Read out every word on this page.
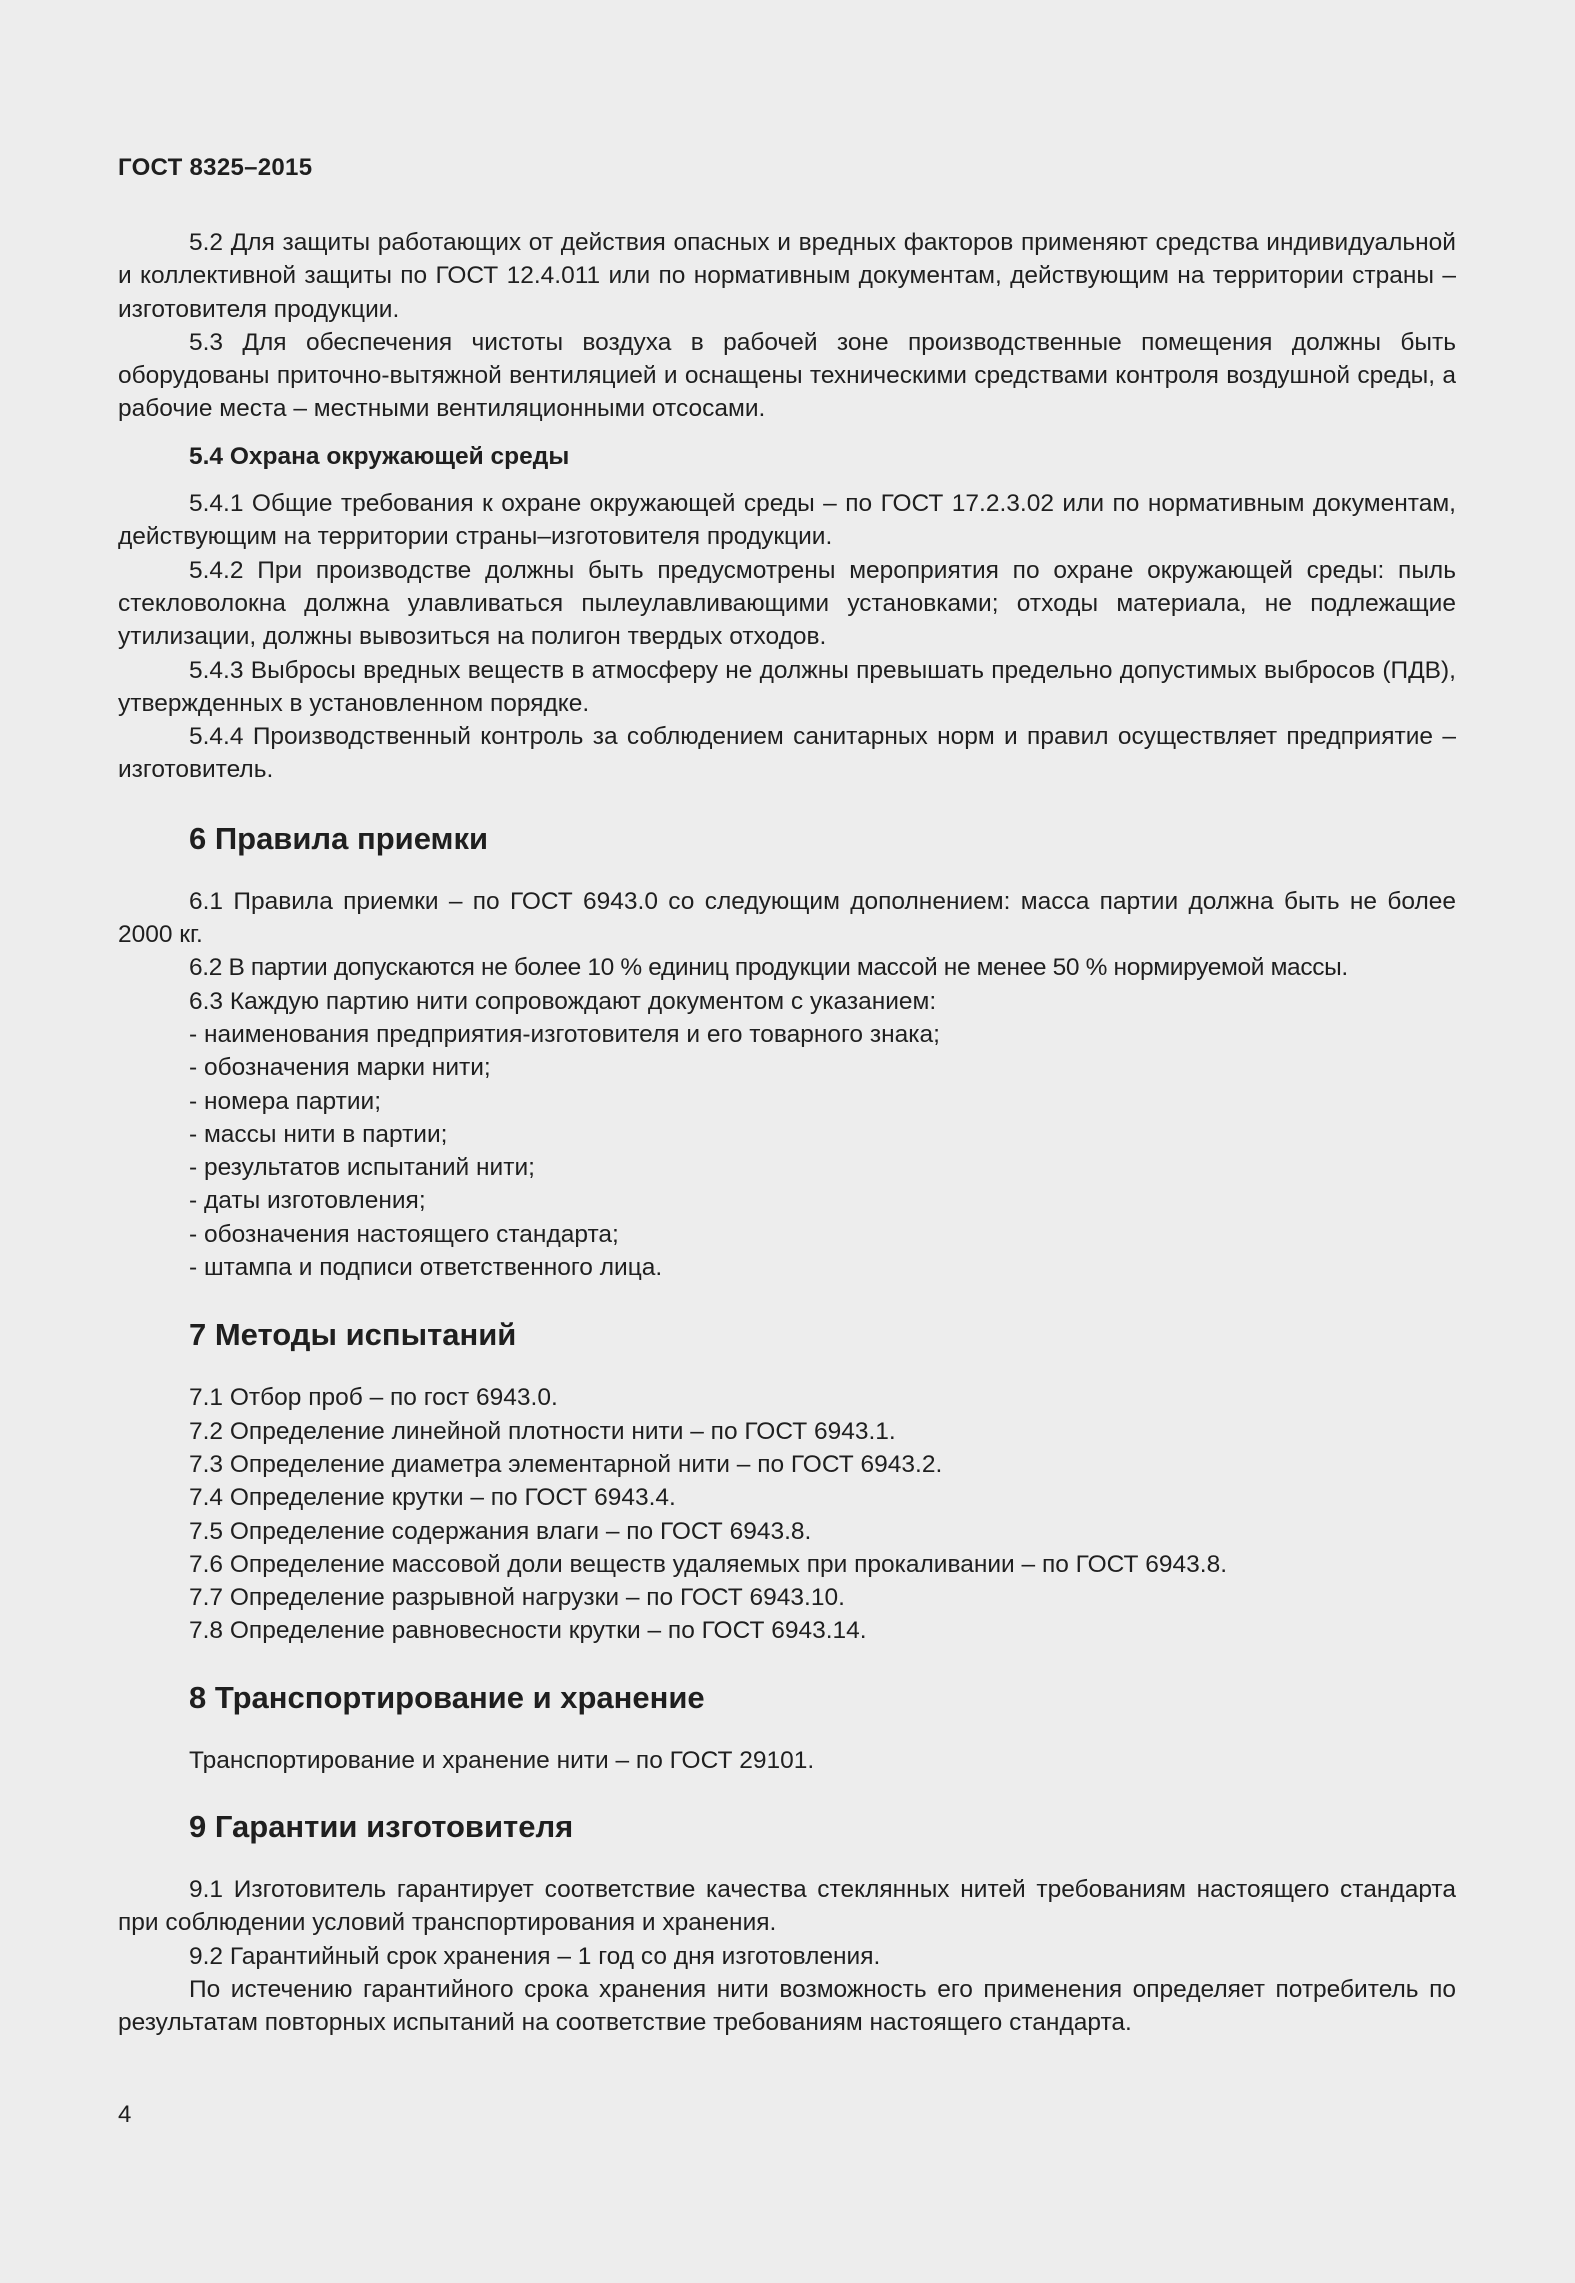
ГОСТ 8325–2015

5.2 Для защиты работающих от действия опасных и вредных факторов применяют средства индивидуальной и коллективной защиты по ГОСТ 12.4.011 или по нормативным документам, действующим на территории страны – изготовителя продукции.

5.3 Для обеспечения чистоты воздуха в рабочей зоне производственные помещения должны быть оборудованы приточно-вытяжной вентиляцией и оснащены техническими средствами контроля воздушной среды, а рабочие места – местными вентиляционными отсосами.

5.4 Охрана окружающей среды

5.4.1 Общие требования к охране окружающей среды – по ГОСТ 17.2.3.02 или по нормативным документам, действующим на территории страны–изготовителя продукции.

5.4.2 При производстве должны быть предусмотрены мероприятия по охране окружающей среды: пыль стекловолокна должна улавливаться пылеулавливающими установками; отходы материала, не подлежащие утилизации, должны вывозиться на полигон твердых отходов.

5.4.3 Выбросы вредных веществ в атмосферу не должны превышать предельно допустимых выбросов (ПДВ), утвержденных в установленном порядке.

5.4.4 Производственный контроль за соблюдением санитарных норм и правил осуществляет предприятие – изготовитель.

6 Правила приемки

6.1 Правила приемки – по ГОСТ 6943.0 со следующим дополнением: масса партии должна быть не более 2000 кг.

6.2 В партии допускаются не более 10 % единиц продукции массой не менее 50 % нормируемой массы.

6.3 Каждую партию нити сопровождают документом с указанием:

- наименования предприятия-изготовителя и его товарного знака;

- обозначения марки нити;

- номера партии;

- массы нити в партии;

- результатов испытаний нити;

- даты изготовления;

- обозначения настоящего стандарта;

- штампа и подписи ответственного лица.

7 Методы испытаний

7.1 Отбор проб – по гост 6943.0.

7.2 Определение линейной плотности нити – по ГОСТ 6943.1.

7.3 Определение диаметра элементарной нити – по ГОСТ 6943.2.

7.4 Определение крутки – по ГОСТ 6943.4.

7.5 Определение содержания влаги – по ГОСТ 6943.8.

7.6 Определение массовой доли веществ удаляемых при прокаливании – по ГОСТ 6943.8.

7.7 Определение разрывной нагрузки – по ГОСТ 6943.10.

7.8 Определение равновесности крутки – по ГОСТ 6943.14.

8 Транспортирование и хранение

Транспортирование и хранение нити – по ГОСТ 29101.

9 Гарантии изготовителя

9.1 Изготовитель гарантирует соответствие качества стеклянных нитей требованиям настоящего стандарта при соблюдении условий транспортирования и хранения.

9.2 Гарантийный срок хранения – 1 год со дня изготовления.

По истечению гарантийного срока хранения нити возможность его применения определяет потребитель по результатам повторных испытаний на соответствие требованиям настоящего стандарта.

4
